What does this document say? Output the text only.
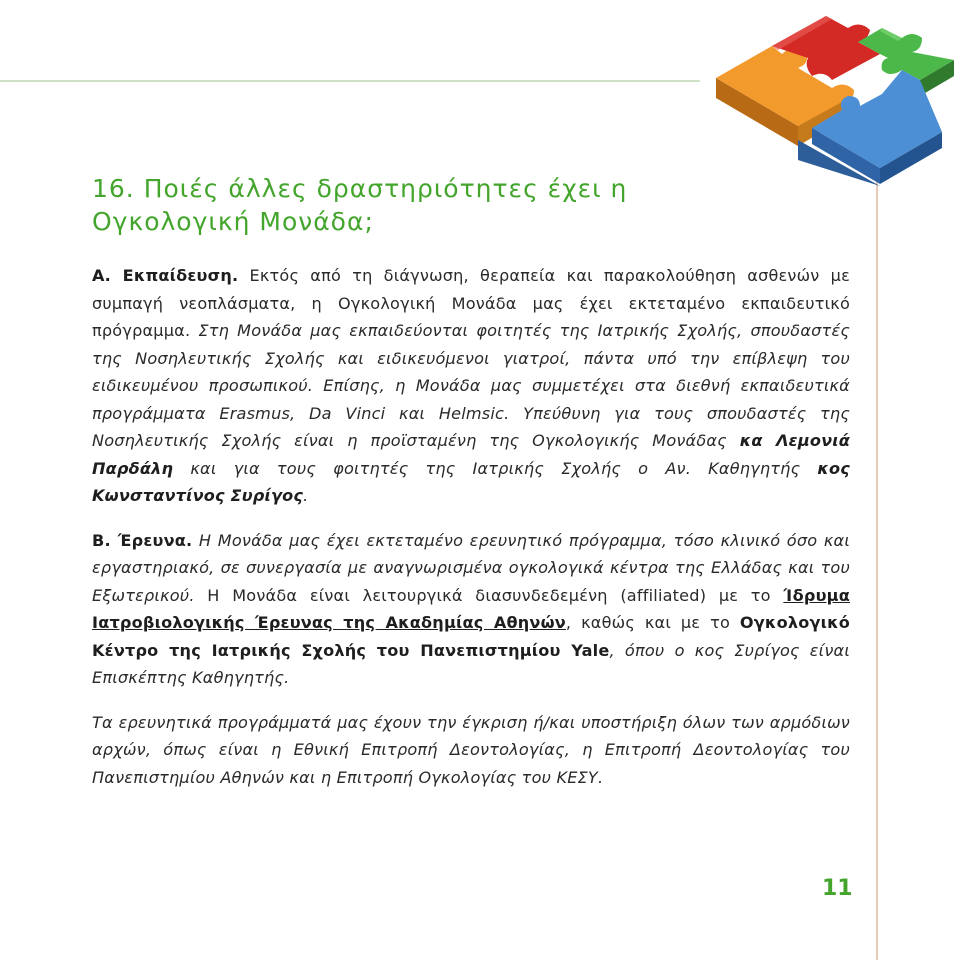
16. Ποιές άλλες δραστηριότητες έχει η Ογκολογική Μονάδα;

Α. Εκπαίδευση. Εκτός από τη διάγνωση, θεραπεία και παρακολούθηση ασθενών με συμπαγή νεοπλάσματα, η Ογκολογική Μονάδα μας έχει εκτεταμένο εκπαιδευτικό πρόγραμμα. Στη Μονάδα μας εκπαιδεύονται φοιτητές της Ιατρικής Σχολής, σπουδαστές της Νοσηλευτικής Σχολής και ειδικευόμενοι γιατροί, πάντα υπό την επίβλεψη του ειδικευμένου προσωπικού. Επίσης, η Μονάδα μας συμμετέχει στα διεθνή εκπαιδευτικά προγράμματα Erasmus, Da Vinci και Helmsic. Υπεύθυνη για τους σπουδαστές της Νοσηλευτικής Σχολής είναι η προϊσταμένη της Ογκολογικής Μονάδας κα Λεμονιά Παρδάλη και για τους φοιτητές της Ιατρικής Σχολής ο Αν. Καθηγητής κος Κωνσταντίνος Συρίγος.

Β. Έρευνα. Η Μονάδα μας έχει εκτεταμένο ερευνητικό πρόγραμμα, τόσο κλινικό όσο και εργαστηριακό, σε συνεργασία με αναγνωρισμένα ογκολογικά κέντρα της Ελλάδας και του Εξωτερικού. Η Μονάδα είναι λειτουργικά διασυνδεδεμένη (affiliated) με το Ίδρυμα Ιατροβιολογικής Έρευνας της Ακαδημίας Αθηνών, καθώς και με το Ογκολογικό Κέντρο της Ιατρικής Σχολής του Πανεπιστημίου Yale, όπου ο κος Συρίγος είναι Επισκέπτης Καθηγητής.

Τα ερευνητικά προγράμματά μας έχουν την έγκριση ή/και υποστήριξη όλων των αρμόδιων αρχών, όπως είναι η Εθνική Επιτροπή Δεοντολογίας, η Επιτροπή Δεοντολογίας του Πανεπιστημίου Αθηνών και η Επιτροπή Ογκολογίας του ΚΕΣΥ.

11
